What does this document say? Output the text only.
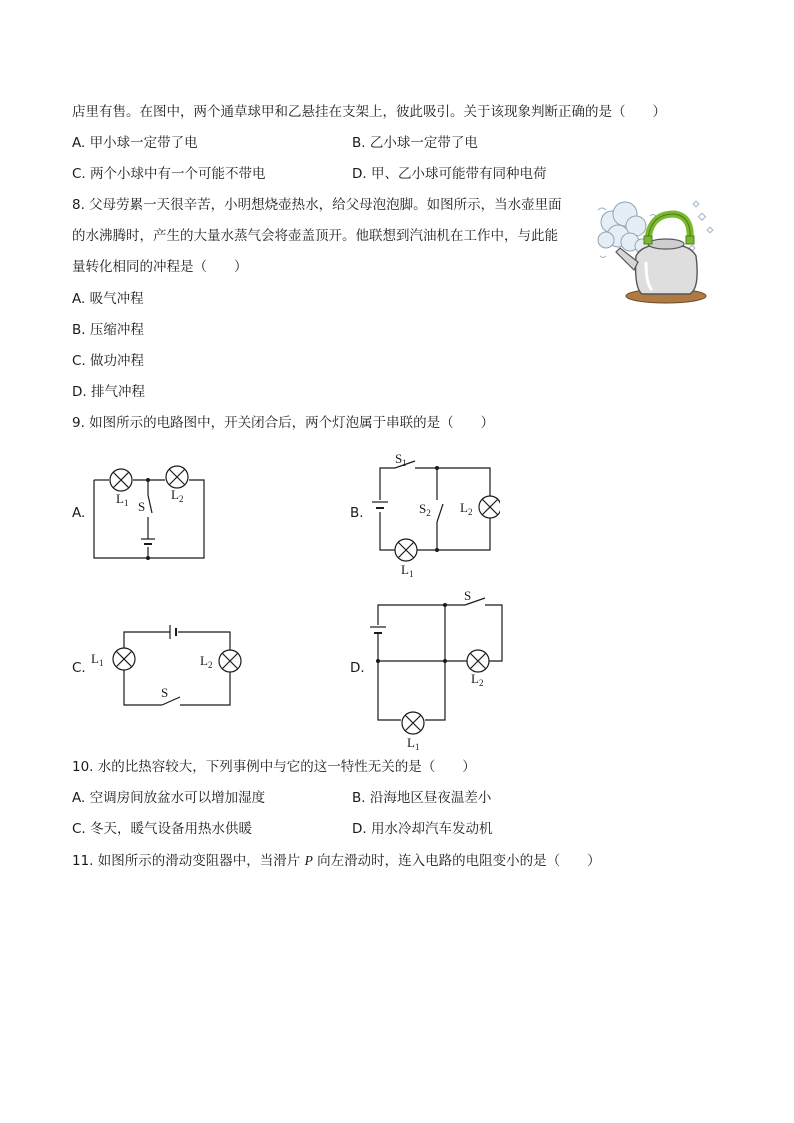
店里有售。在图中，两个通草球甲和乙悬挂在支架上，彼此吸引。关于该现象判断正确的是（　　）
A. 甲小球一定带了电	B. 乙小球一定带了电
C. 两个小球中有一个可能不带电	D. 甲、乙小球可能带有同种电荷
8. 父母劳累一天很辛苦，小明想烧壶热水，给父母泡泡脚。如图所示，当水壶里面
的水沸腾时，产生的大量水蒸气会将壶盖顶开。他联想到汽油机在工作中，与此能
量转化相同的冲程是（　　）
A. 吸气冲程
B. 压缩冲程
C. 做功冲程
D. 排气冲程
9. 如图所示的电路图中，开关闭合后，两个灯泡属于串联的是（　　）
A.	B.
C.	D.
$L_1$
$L_2$
S
$S_1$
$S_2$ $L_2$
$L_1$
$L_1$	$L_2$
S
S
$L_2$
$L_1$
10. 水的比热容较大，下列事例中与它的这一特性无关的是（　　）
A. 空调房间放盆水可以增加湿度	B. 沿海地区昼夜温差小
C. 冬天，暖气设备用热水供暖	D. 用水冷却汽车发动机
11. 如图所示的滑动变阻器中，当滑片 P 向左滑动时，连入电路的电阻变小的是（　　）
